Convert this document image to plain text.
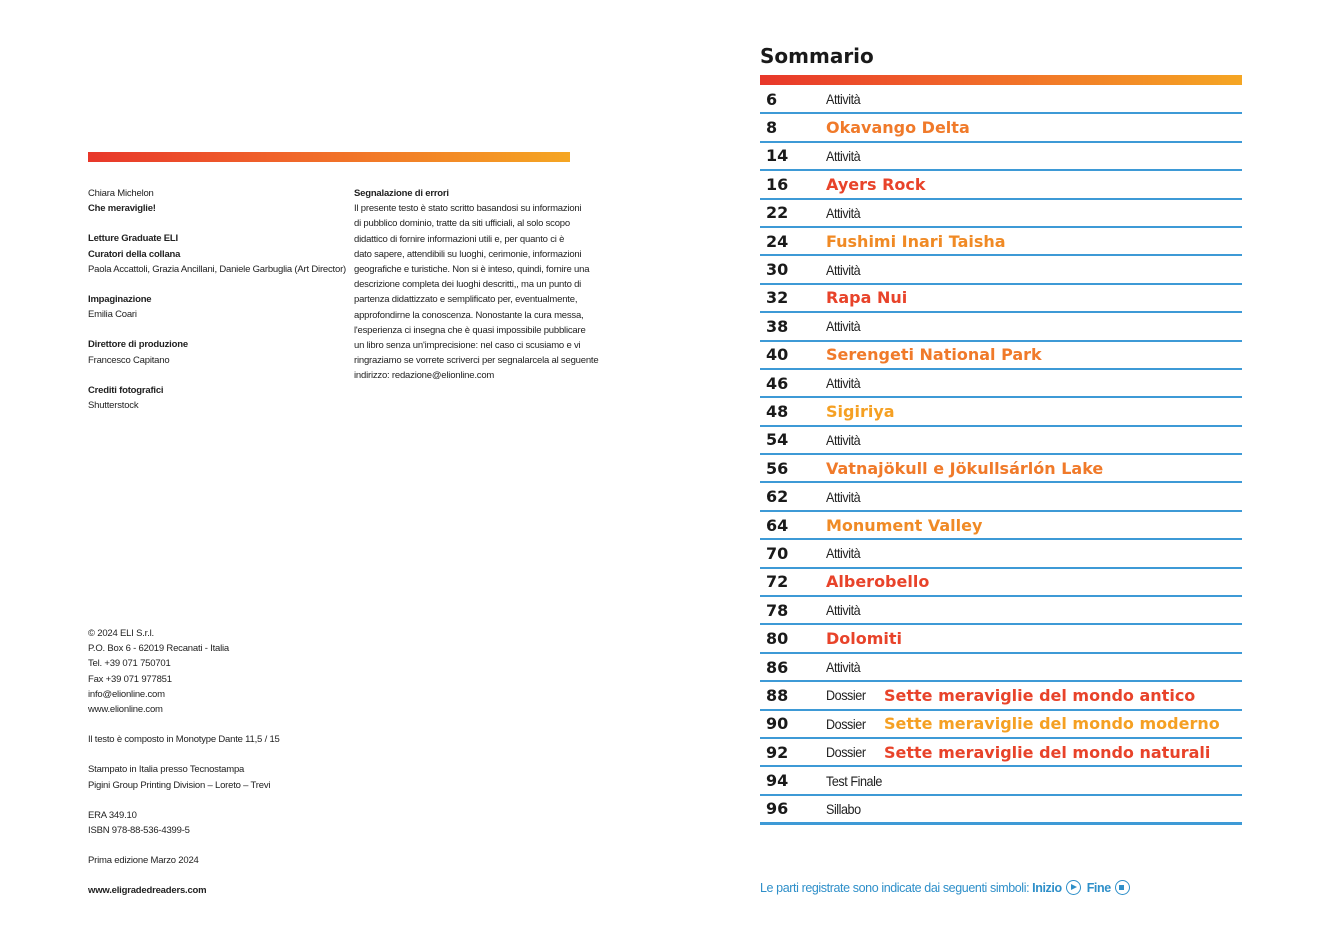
Chiara Michelon
Che meraviglie!
Letture Graduate ELI
Curatori della collana
Paola Accattoli, Grazia Ancillani, Daniele Garbuglia (Art Director)
Impaginazione
Emilia Coari
Direttore di produzione
Francesco Capitano
Crediti fotografici
Shutterstock
Segnalazione di errori
Il presente testo è stato scritto basandosi su informazioni
di pubblico dominio, tratte da siti ufficiali, al solo scopo
didattico di fornire informazioni utili e, per quanto ci è
dato sapere, attendibili su luoghi, cerimonie, informazioni
geografiche e turistiche. Non si è inteso, quindi, fornire una
descrizione completa dei luoghi descritti,, ma un punto di
partenza didattizzato e semplificato per, eventualmente,
approfondirne la conoscenza. Nonostante la cura messa,
l'esperienza ci insegna che è quasi impossibile pubblicare
un libro senza un'imprecisione: nel caso ci scusiamo e vi
ringraziamo se vorrete scriverci per segnalarcela al seguente
indirizzo: redazione@elionline.com
© 2024 ELI S.r.l.
P.O. Box 6 - 62019 Recanati - Italia
Tel. +39 071 750701
Fax +39 071 977851
info@elionline.com
www.elionline.com
Il testo è composto in Monotype Dante 11,5 / 15
Stampato in Italia presso Tecnostampa
Pigini Group Printing Division – Loreto – Trevi
ERA 349.10
ISBN 978-88-536-4399-5
Prima edizione Marzo 2024
www.eligradedreaders.com
Sommario
6	Attività
8	Okavango Delta
14	Attività
16	Ayers Rock
22	Attività
24	Fushimi Inari Taisha
30	Attività
32	Rapa Nui
38	Attività
40	Serengeti National Park
46	Attività
48	Sigiriya
54	Attività
56	Vatnajökull e Jökullsárlón Lake
62	Attività
64	Monument Valley
70	Attività
72	Alberobello
78	Attività
80	Dolomiti
86	Attività
88	Dossier	Sette meraviglie del mondo antico
90	Dossier	Sette meraviglie del mondo moderno
92	Dossier	Sette meraviglie del mondo naturali
94	Test Finale
96	Sillabo
Le parti registrate sono indicate dai seguenti simboli: Inizio Fine
